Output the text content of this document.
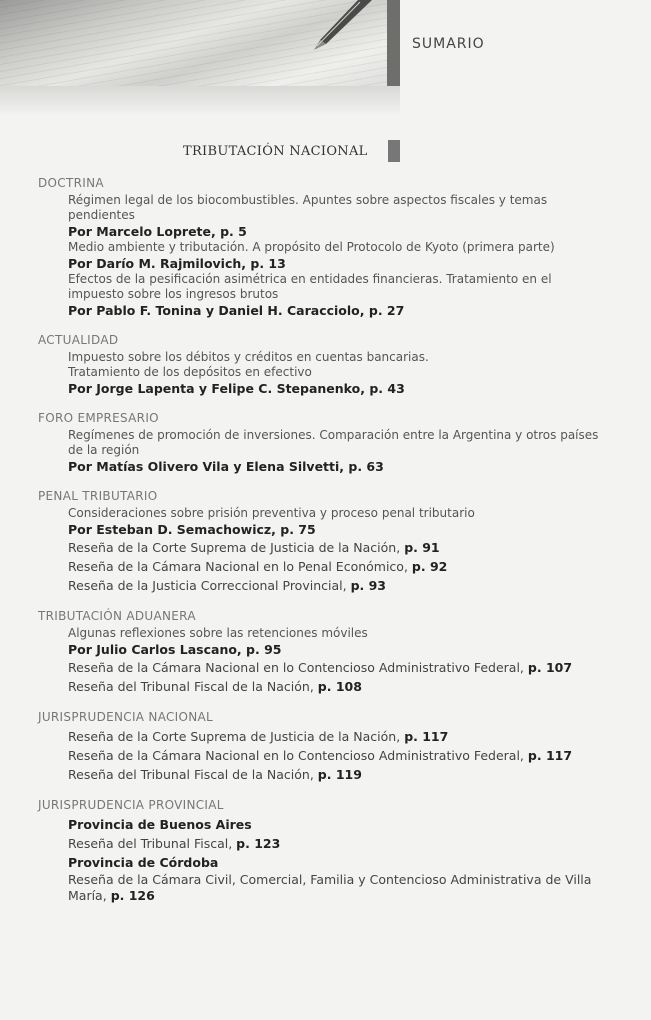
SUMARIO
TRIBUTACIÓN NACIONAL
DOCTRINA
Régimen legal de los biocombustibles. Apuntes sobre aspectos fiscales y temas pendientes
Por Marcelo Loprete, p. 5
Medio ambiente y tributación. A propósito del Protocolo de Kyoto (primera parte)
Por Darío M. Rajmilovich, p. 13
Efectos de la pesificación asimétrica en entidades financieras. Tratamiento en el impuesto sobre los ingresos brutos
Por Pablo F. Tonina y Daniel H. Caracciolo, p. 27
ACTUALIDAD
Impuesto sobre los débitos y créditos en cuentas bancarias.
Tratamiento de los depósitos en efectivo
Por Jorge Lapenta y Felipe C. Stepanenko, p. 43
FORO EMPRESARIO
Regímenes de promoción de inversiones. Comparación entre la Argentina y otros países de la región
Por Matías Olivero Vila y Elena Silvetti, p. 63
PENAL TRIBUTARIO
Consideraciones sobre prisión preventiva y proceso penal tributario
Por Esteban D. Semachowicz, p. 75
Reseña de la Corte Suprema de Justicia de la Nación, p. 91
Reseña de la Cámara Nacional en lo Penal Económico, p. 92
Reseña de la Justicia Correccional Provincial, p. 93
TRIBUTACIÓN ADUANERA
Algunas reflexiones sobre las retenciones móviles
Por Julio Carlos Lascano, p. 95
Reseña de la Cámara Nacional en lo Contencioso Administrativo Federal, p. 107
Reseña del Tribunal Fiscal de la Nación, p. 108
JURISPRUDENCIA NACIONAL
Reseña de la Corte Suprema de Justicia de la Nación, p. 117
Reseña de la Cámara Nacional en lo Contencioso Administrativo Federal, p. 117
Reseña del Tribunal Fiscal de la Nación, p. 119
JURISPRUDENCIA PROVINCIAL
Provincia de Buenos Aires
Reseña del Tribunal Fiscal, p. 123
Provincia de Córdoba
Reseña de la Cámara Civil, Comercial, Familia y Contencioso Administrativa de Villa María, p. 126
